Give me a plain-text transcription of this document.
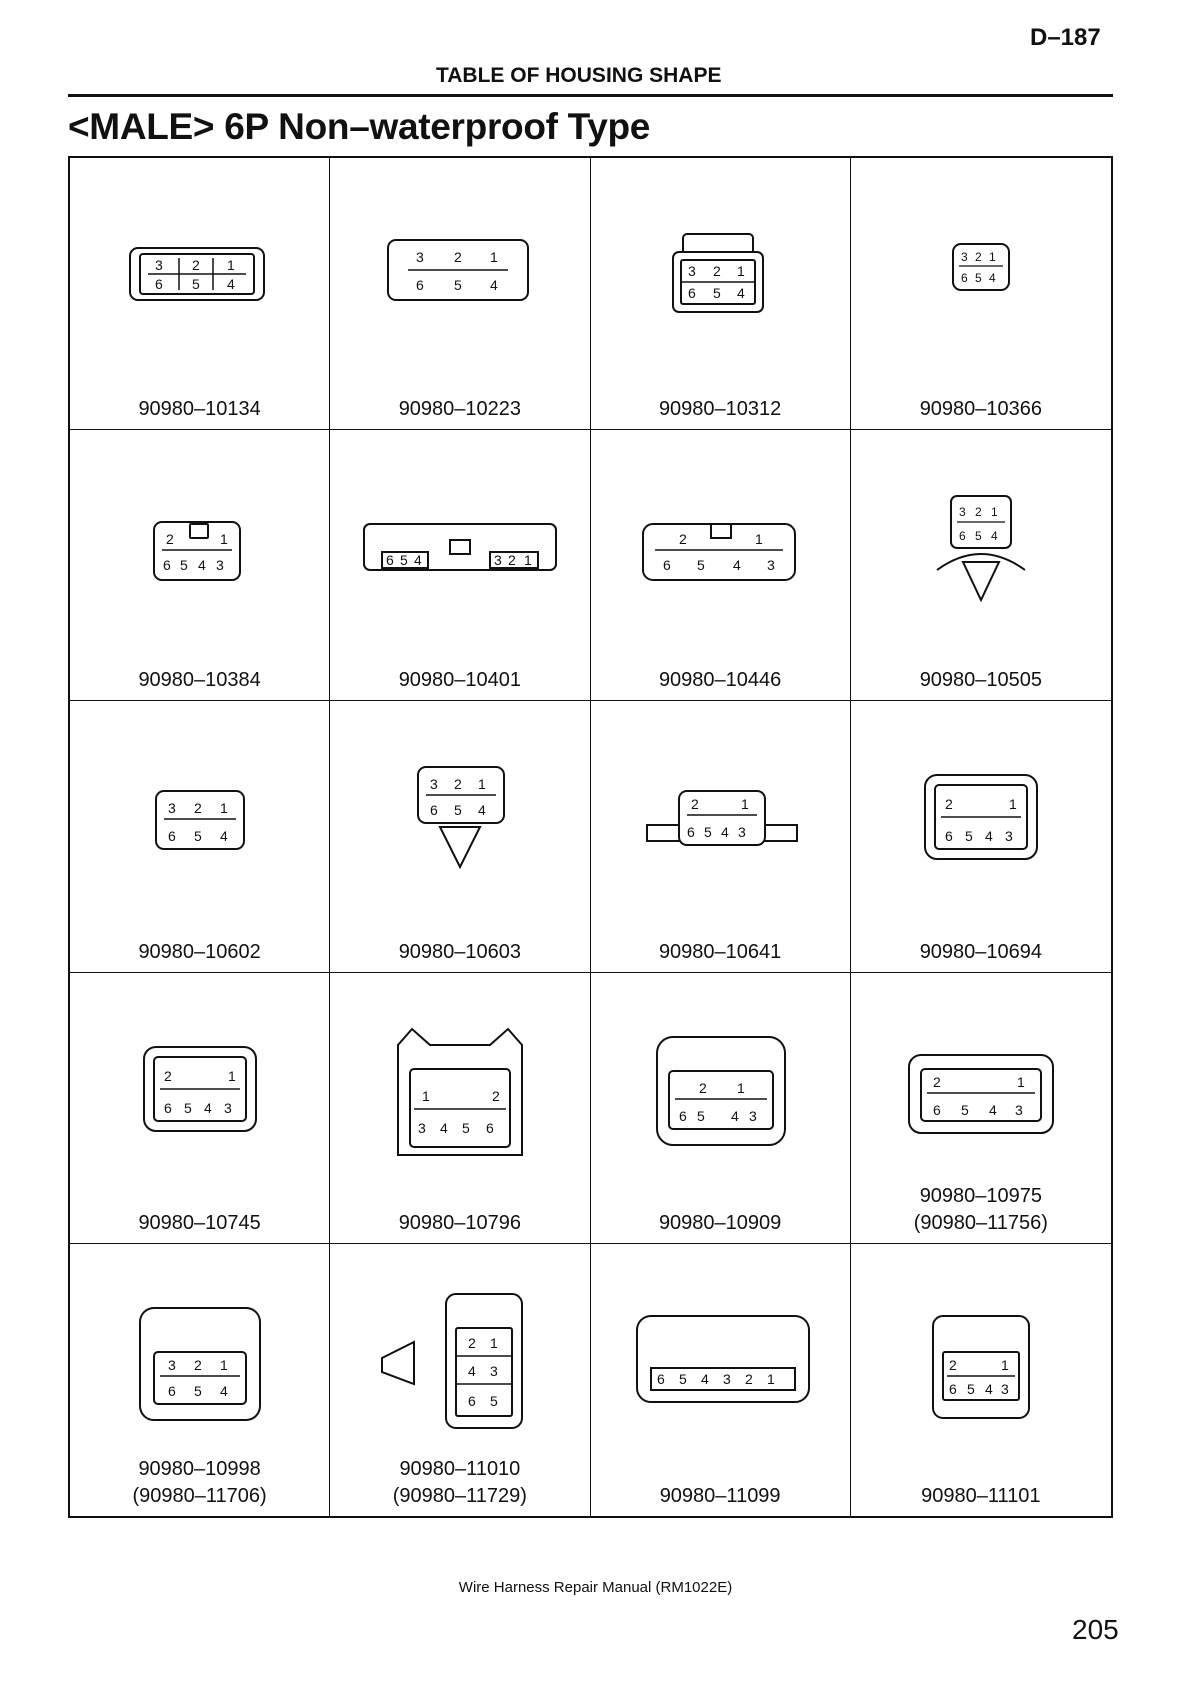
D–187
TABLE OF HOUSING SHAPE
<MALE> 6P Non–waterproof Type
3 2 1
6 5 4
90980–10134
3 2 1
6 5 4
90980–10223
3 2 1
6 5 4
90980–10312
3 2 1
6 5 4
90980–10366
2	1
6 5 4 3
90980–10384
6 5 4	3 2 1
90980–10401
2	1
6 5 4 3
90980–10446
3 2 1
6 5 4
90980–10505
3 2 1
6 5 4
90980–10602
3 2 1
6 5 4
90980–10603
2	1
6 5 4 3
90980–10641
2	1
6 5 4 3
90980–10694
2	1
6 5 4 3
90980–10745
1	2
3 4 5 6
90980–10796
2 1
6 5 4 3
90980–10909
2	1
6 5 4 3
90980–10975
(90980–11756)
3 2 1
6 5 4
90980–10998
(90980–11706)
2 1
4 3
6 5
90980–11010
(90980–11729)
6 5 4 3 2 1
90980–11099
2	1
6 5 4 3
90980–11101
Wire Harness Repair Manual (RM1022E)
205
